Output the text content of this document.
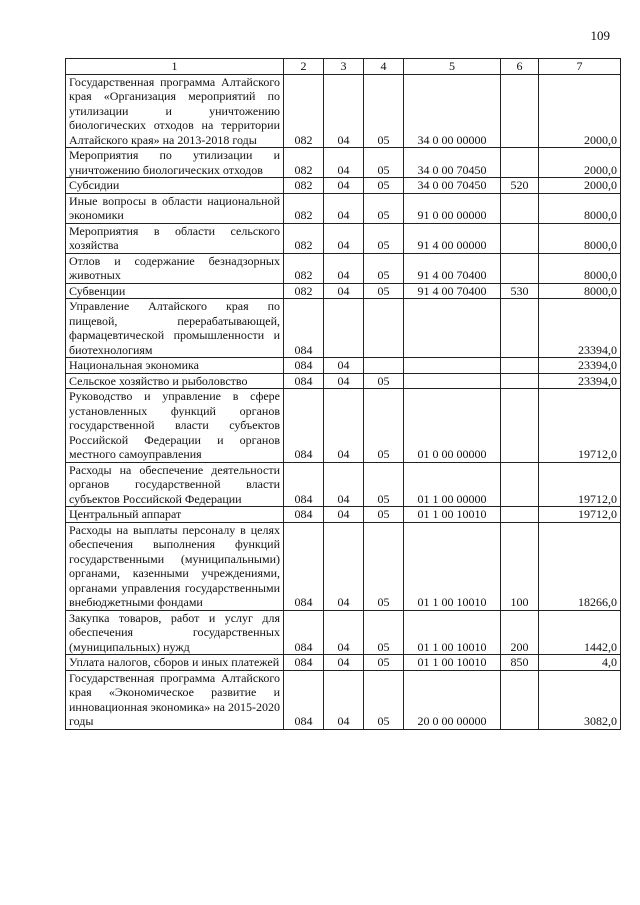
109
1	2	3	4	5	6	7
Государственная программа Алтайского края «Организация мероприятий по утилизации и уничтожению биологических отходов на территории Алтайского края» на 2013-2018 годы	082	04	05	34 0 00 00000		2000,0
Мероприятия по утилизации и уничтожению биологических отходов	082	04	05	34 0 00 70450		2000,0
Субсидии	082	04	05	34 0 00 70450	520	2000,0
Иные вопросы в области национальной экономики	082	04	05	91 0 00 00000		8000,0
Мероприятия в области сельского хозяйства	082	04	05	91 4 00 00000		8000,0
Отлов и содержание безнадзорных животных	082	04	05	91 4 00 70400		8000,0
Субвенции	082	04	05	91 4 00 70400	530	8000,0
Управление Алтайского края по пищевой, перерабатывающей, фармацевтической промышленности и биотехнологиям	084					23394,0
Национальная экономика	084	04				23394,0
Сельское хозяйство и рыболовство	084	04	05			23394,0
Руководство и управление в сфере установленных функций органов государственной власти субъектов Российской Федерации и органов местного самоуправления	084	04	05	01 0 00 00000		19712,0
Расходы на обеспечение деятельности органов государственной власти субъектов Российской Федерации	084	04	05	01 1 00 00000		19712,0
Центральный аппарат	084	04	05	01 1 00 10010		19712,0
Расходы на выплаты персоналу в целях обеспечения выполнения функций государственными (муниципальными) органами, казенными учреждениями, органами управления государственными внебюджетными фондами	084	04	05	01 1 00 10010	100	18266,0
Закупка товаров, работ и услуг для обеспечения государственных (муниципальных) нужд	084	04	05	01 1 00 10010	200	1442,0
Уплата налогов, сборов и иных платежей	084	04	05	01 1 00 10010	850	4,0
Государственная программа Алтайского края «Экономическое развитие и инновационная экономика» на 2015-2020 годы	084	04	05	20 0 00 00000		3082,0
